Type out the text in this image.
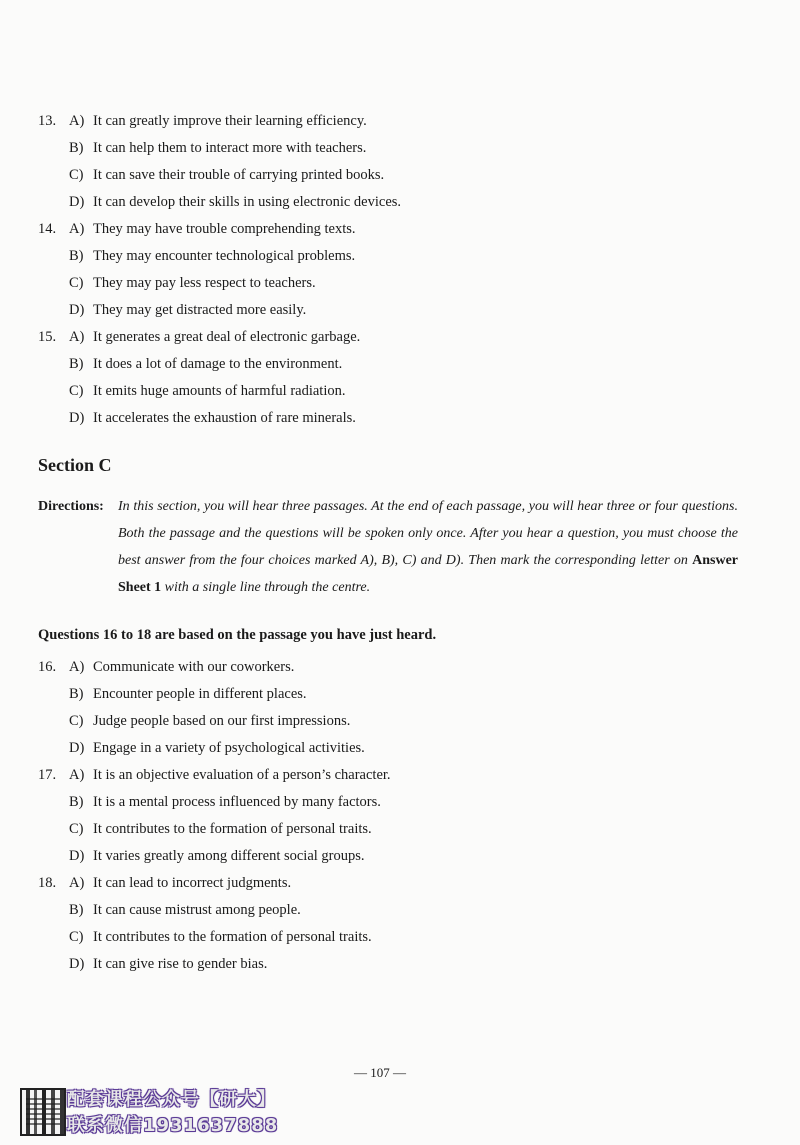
13. A) It can greatly improve their learning efficiency.
B) It can help them to interact more with teachers.
C) It can save their trouble of carrying printed books.
D) It can develop their skills in using electronic devices.
14. A) They may have trouble comprehending texts.
B) They may encounter technological problems.
C) They may pay less respect to teachers.
D) They may get distracted more easily.
15. A) It generates a great deal of electronic garbage.
B) It does a lot of damage to the environment.
C) It emits huge amounts of harmful radiation.
D) It accelerates the exhaustion of rare minerals.
Section C
Directions: In this section, you will hear three passages. At the end of each passage, you will hear three or four questions. Both the passage and the questions will be spoken only once. After you hear a question, you must choose the best answer from the four choices marked A), B), C) and D). Then mark the corresponding letter on Answer Sheet 1 with a single line through the centre.
Questions 16 to 18 are based on the passage you have just heard.
16. A) Communicate with our coworkers.
B) Encounter people in different places.
C) Judge people based on our first impressions.
D) Engage in a variety of psychological activities.
17. A) It is an objective evaluation of a person’s character.
B) It is a mental process influenced by many factors.
C) It contributes to the formation of personal traits.
D) It varies greatly among different social groups.
18. A) It can lead to incorrect judgments.
B) It can cause mistrust among people.
C) It contributes to the formation of personal traits.
D) It can give rise to gender bias.
— 107 —
配套课程公众号【研大】
联系微信1931637888
